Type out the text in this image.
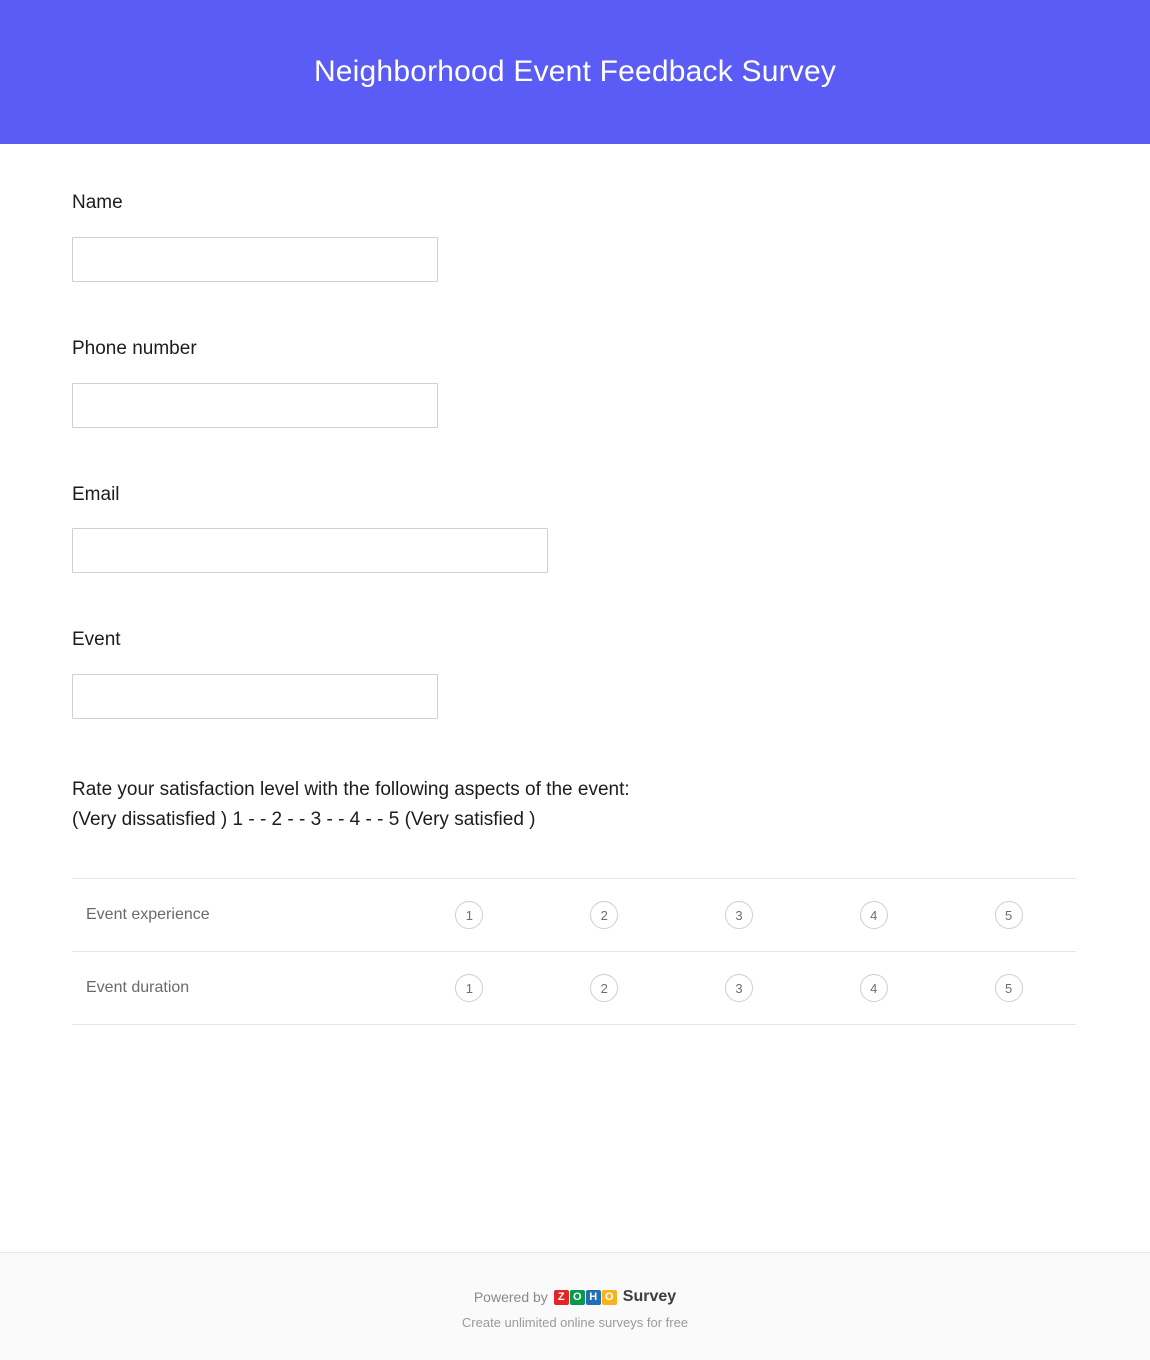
Neighborhood Event Feedback Survey
Name
Phone number
Email
Event
Rate your satisfaction level with the following aspects of the event:
(Very dissatisfied ) 1 - - 2 - - 3 - - 4 - - 5 (Very satisfied )
Event experience	1	2	3	4	5
Event duration	1	2	3	4	5
Powered by Z O H O Survey
Create unlimited online surveys for free
